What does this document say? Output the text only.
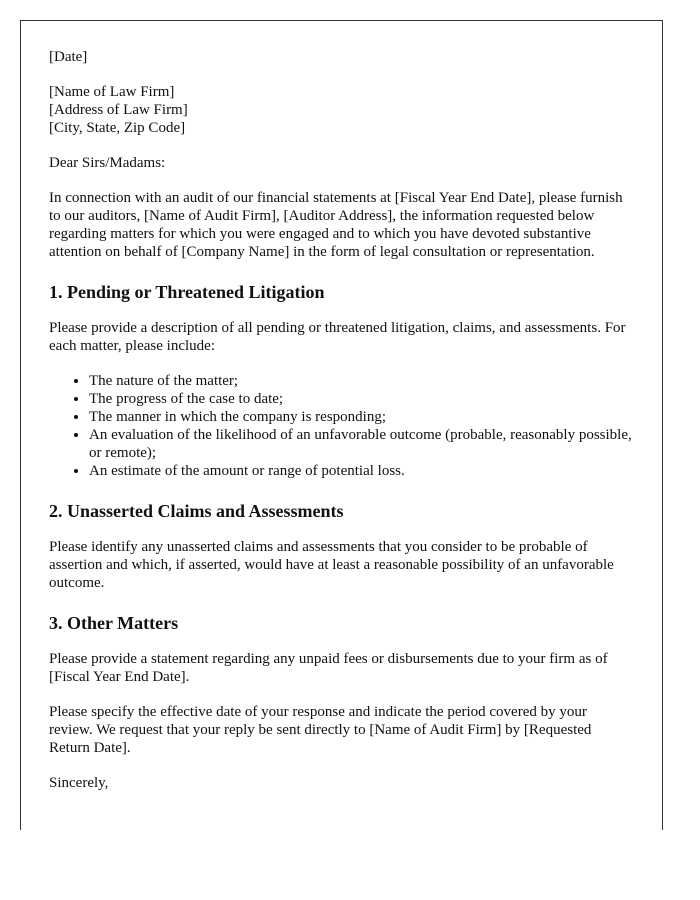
[Date]

[Name of Law Firm]
[Address of Law Firm]
[City, State, Zip Code]

Dear Sirs/Madams:

In connection with an audit of our financial statements at [Fiscal Year End Date], please furnish to our auditors, [Name of Audit Firm], [Auditor Address], the information requested below regarding matters for which you were engaged and to which you have devoted substantive attention on behalf of [Company Name] in the form of legal consultation or representation.

1. Pending or Threatened Litigation

Please provide a description of all pending or threatened litigation, claims, and assessments. For each matter, please include:

• The nature of the matter;
• The progress of the case to date;
• The manner in which the company is responding;
• An evaluation of the likelihood of an unfavorable outcome (probable, reasonably possible, or remote);
• An estimate of the amount or range of potential loss.
2. Unasserted Claims and Assessments

Please identify any unasserted claims and assessments that you consider to be probable of assertion and which, if asserted, would have at least a reasonable possibility of an unfavorable outcome.

3. Other Matters

Please provide a statement regarding any unpaid fees or disbursements due to your firm as of [Fiscal Year End Date].

Please specify the effective date of your response and indicate the period covered by your review. We request that your reply be sent directly to [Name of Audit Firm] by [Requested Return Date].

Sincerely,
